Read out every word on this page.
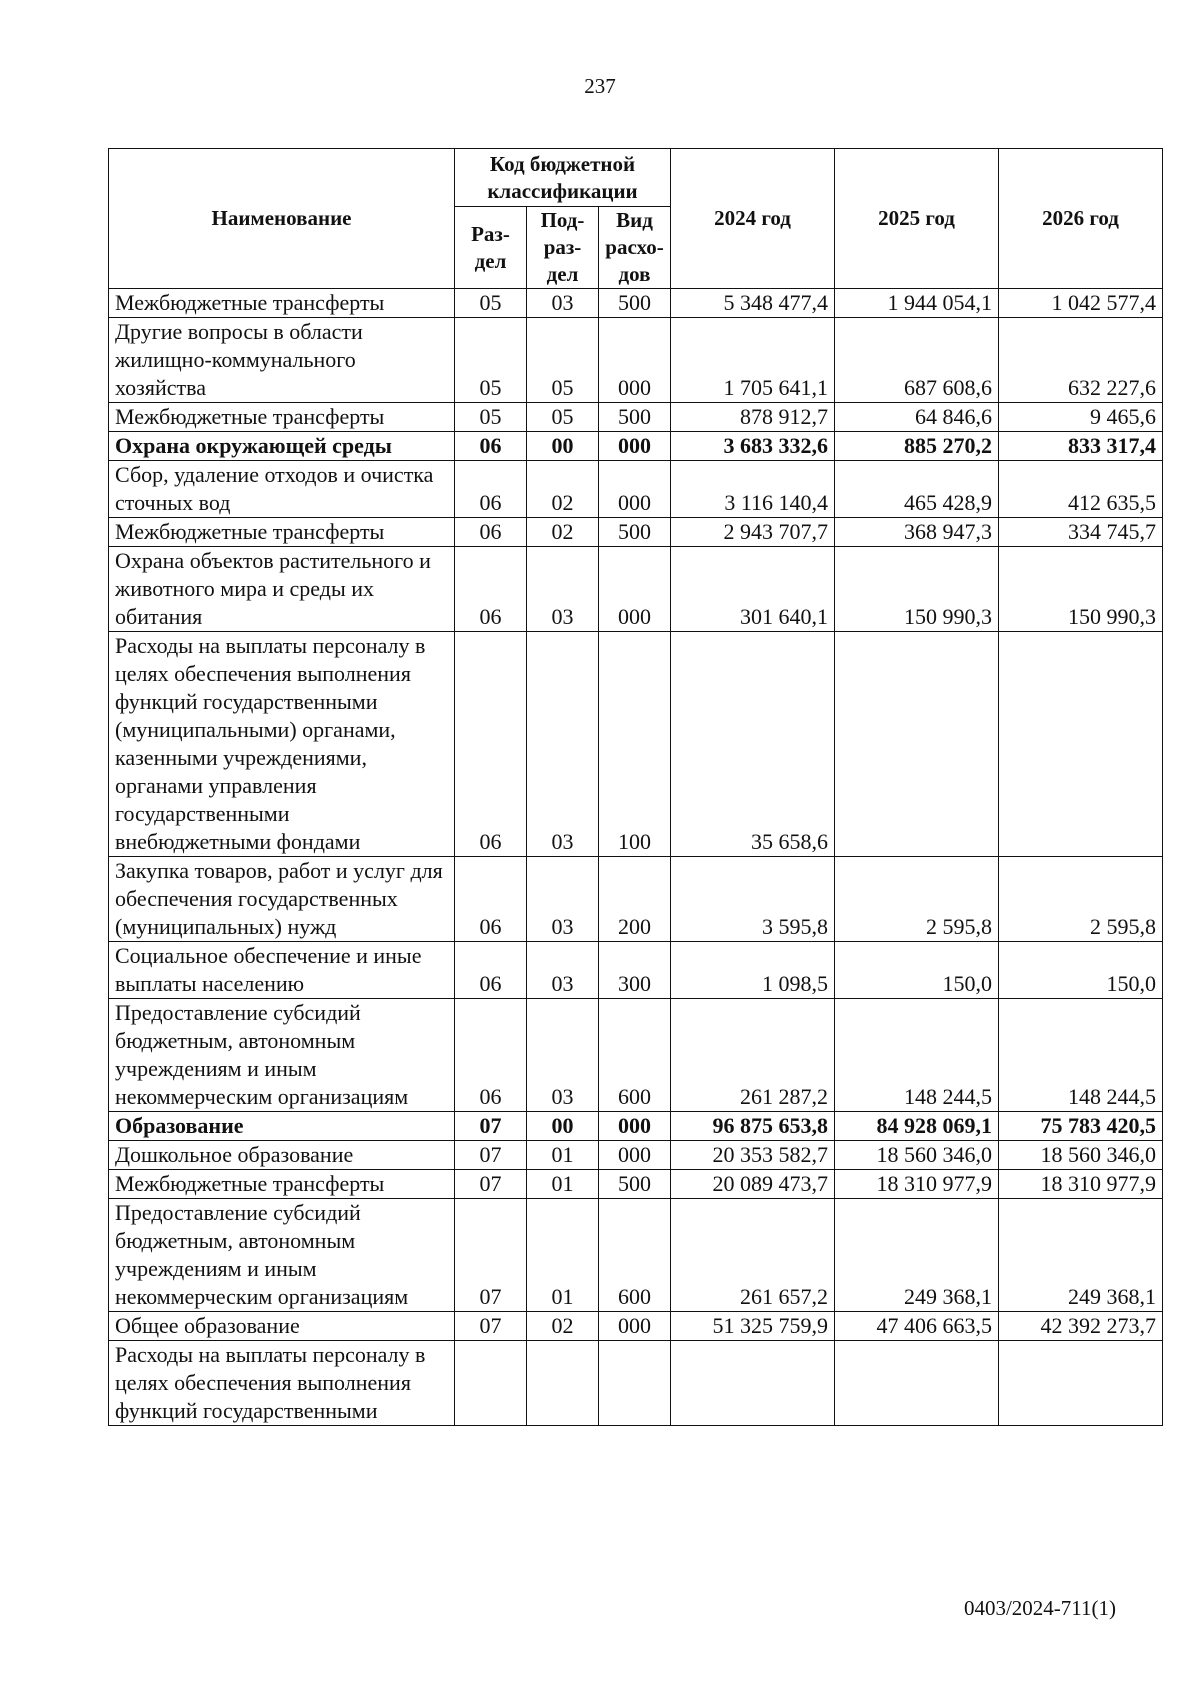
237
Наименование	Код бюджетной классификации			2024 год	2025 год	2026 год
	Раз-дел	Под-раз-дел	Вид расхо-дов			
Межбюджетные трансферты	05	03	500	5 348 477,4	1 944 054,1	1 042 577,4
Другие вопросы в области жилищно-коммунального хозяйства	05	05	000	1 705 641,1	687 608,6	632 227,6
Межбюджетные трансферты	05	05	500	878 912,7	64 846,6	9 465,6
Охрана окружающей среды	06	00	000	3 683 332,6	885 270,2	833 317,4
Сбор, удаление отходов и очистка сточных вод	06	02	000	3 116 140,4	465 428,9	412 635,5
Межбюджетные трансферты	06	02	500	2 943 707,7	368 947,3	334 745,7
Охрана объектов растительного и животного мира и среды их обитания	06	03	000	301 640,1	150 990,3	150 990,3
Расходы на выплаты персоналу в целях обеспечения выполнения функций государственными (муниципальными) органами, казенными учреждениями, органами управления государственными внебюджетными фондами	06	03	100	35 658,6		
Закупка товаров, работ и услуг для обеспечения государственных (муниципальных) нужд	06	03	200	3 595,8	2 595,8	2 595,8
Социальное обеспечение и иные выплаты населению	06	03	300	1 098,5	150,0	150,0
Предоставление субсидий бюджетным, автономным учреждениям и иным некоммерческим организациям	06	03	600	261 287,2	148 244,5	148 244,5
Образование	07	00	000	96 875 653,8	84 928 069,1	75 783 420,5
Дошкольное образование	07	01	000	20 353 582,7	18 560 346,0	18 560 346,0
Межбюджетные трансферты	07	01	500	20 089 473,7	18 310 977,9	18 310 977,9
Предоставление субсидий бюджетным, автономным учреждениям и иным некоммерческим организациям	07	01	600	261 657,2	249 368,1	249 368,1
Общее образование	07	02	000	51 325 759,9	47 406 663,5	42 392 273,7
Расходы на выплаты персоналу в целях обеспечения выполнения функций государственными						
0403/2024-711(1)
